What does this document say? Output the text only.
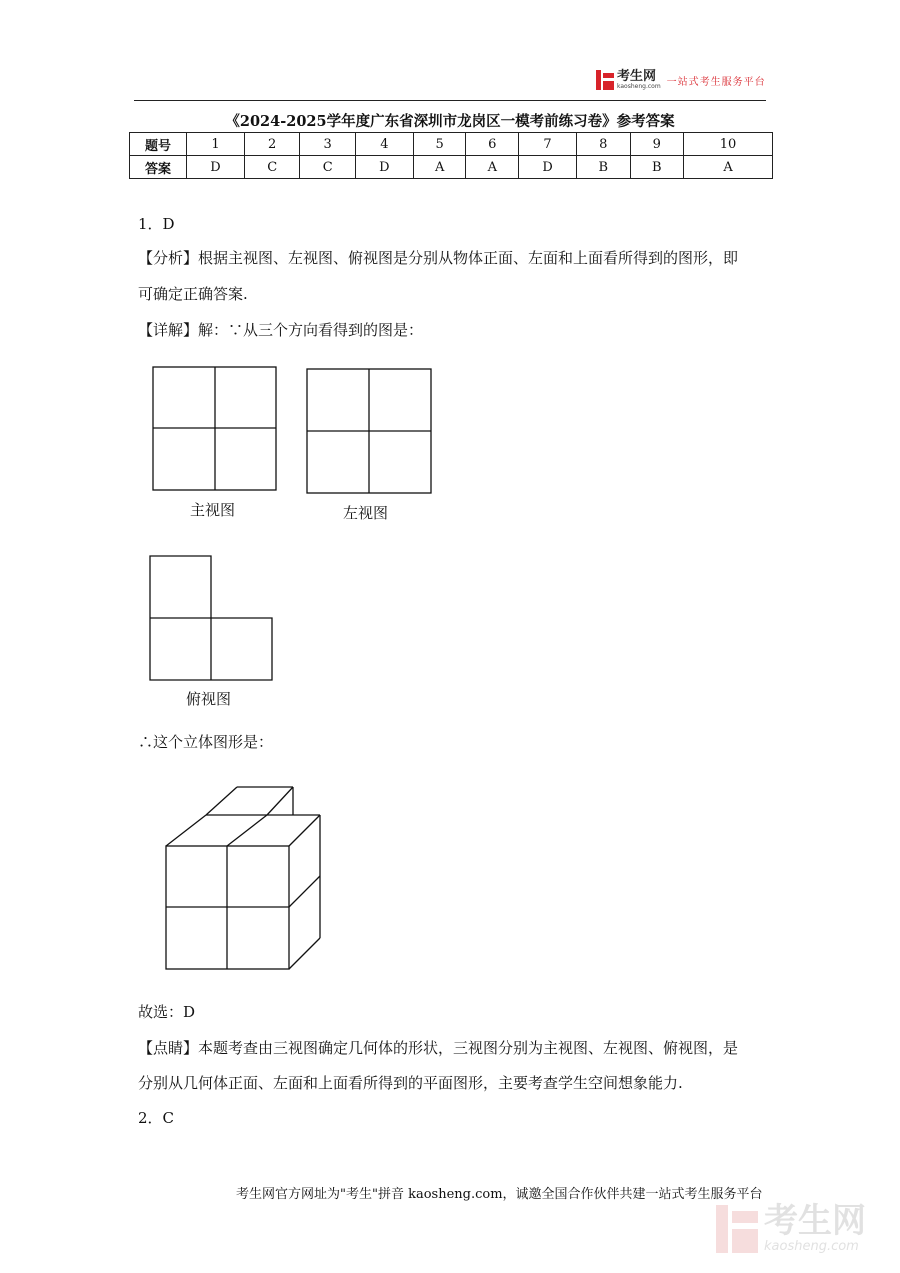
考生网
kaosheng.com 一站式考生服务平台
《2024-2025学年度广东省深圳市龙岗区一模考前练习卷》参考答案
题号	1	2	3	4	5	6	7	8	9	10
答案	D	C	C	D	A	A	D	B	B	A
1．D
【分析】根据主视图、左视图、俯视图是分别从物体正面、左面和上面看所得到的图形，即
可确定正确答案.
【详解】解：∵从三个方向看得到的图是：
主视图	左视图
俯视图
∴这个立体图形是：
故选：D
【点睛】本题考查由三视图确定几何体的形状，三视图分别为主视图、左视图、俯视图，是
分别从几何体正面、左面和上面看所得到的平面图形，主要考查学生空间想象能力.
2．C
考生网官方网址为"考生"拼音 kaosheng.com，诚邀全国合作伙伴共建一站式考生服务平台
考生网
kaosheng.com
